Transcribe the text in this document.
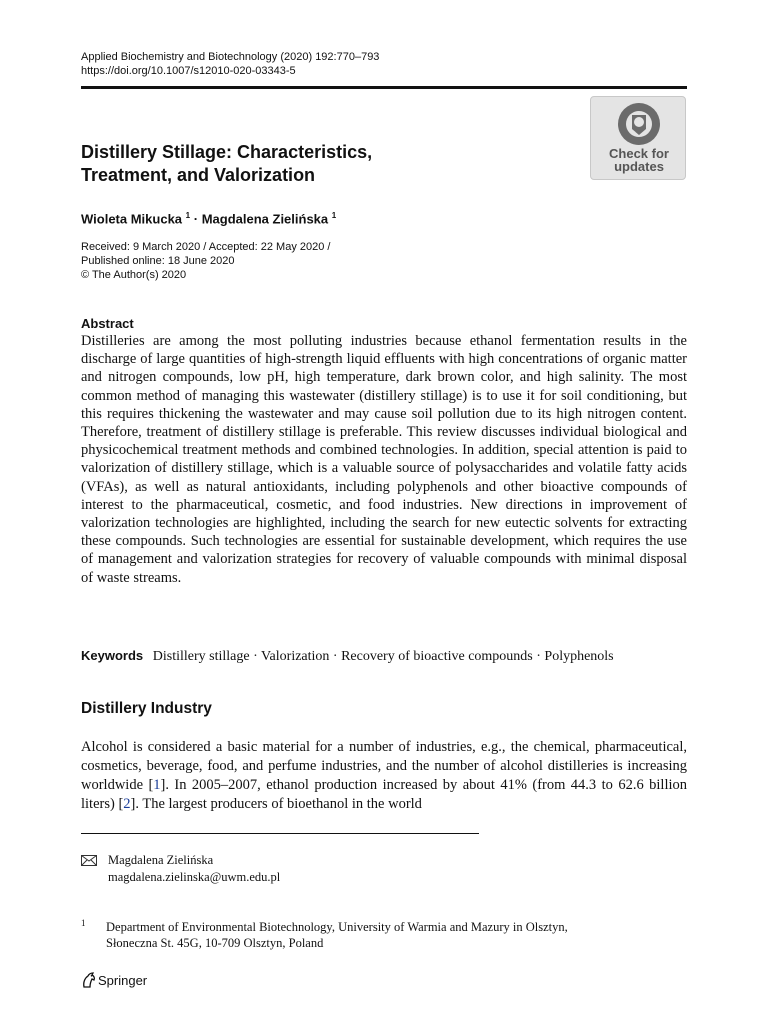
Applied Biochemistry and Biotechnology (2020) 192:770–793
https://doi.org/10.1007/s12010-020-03343-5
Check for
updates
Distillery Stillage: Characteristics,
Treatment, and Valorization
Wioleta Mikucka $^1$ · Magdalena Zielińska $^1$
Received: 9 March 2020 / Accepted: 22 May 2020 /
Published online: 18 June 2020
© The Author(s) 2020
Abstract
Distilleries are among the most polluting industries because ethanol fermentation results in the discharge of large quantities of high-strength liquid effluents with high concentrations of organic matter and nitrogen compounds, low pH, high temperature, dark brown color, and high salinity. The most common method of managing this wastewater (distillery stillage) is to use it for soil conditioning, but this requires thickening the wastewater and may cause soil pollution due to its high nitrogen content. Therefore, treatment of distillery stillage is preferable. This review discusses individual biological and physicochemical treatment methods and combined technologies. In addition, special attention is paid to valorization of distillery stillage, which is a valuable source of polysaccharides and volatile fatty acids (VFAs), as well as natural antioxidants, including polyphenols and other bioactive compounds of interest to the pharmaceutical, cosmetic, and food industries. New directions in improvement of valorization technologies are highlighted, including the search for new eutectic solvents for extracting these compounds. Such technologies are essential for sustainable development, which requires the use of management and valorization strategies for recovery of valuable compounds with minimal disposal of waste streams.
Keywords Distillery stillage · Valorization · Recovery of bioactive compounds · Polyphenols
Distillery Industry
Alcohol is considered a basic material for a number of industries, e.g., the chemical, pharmaceutical, cosmetics, beverage, food, and perfume industries, and the number of alcohol distilleries is increasing worldwide [1]. In 2005–2007, ethanol production increased by about 41% (from 44.3 to 62.6 billion liters) [2]. The largest producers of bioethanol in the world
Magdalena Zielińska
magdalena.zielinska@uwm.edu.pl
1 Department of Environmental Biotechnology, University of Warmia and Mazury in Olsztyn,
Słoneczna St. 45G, 10-709 Olsztyn, Poland
Springer
